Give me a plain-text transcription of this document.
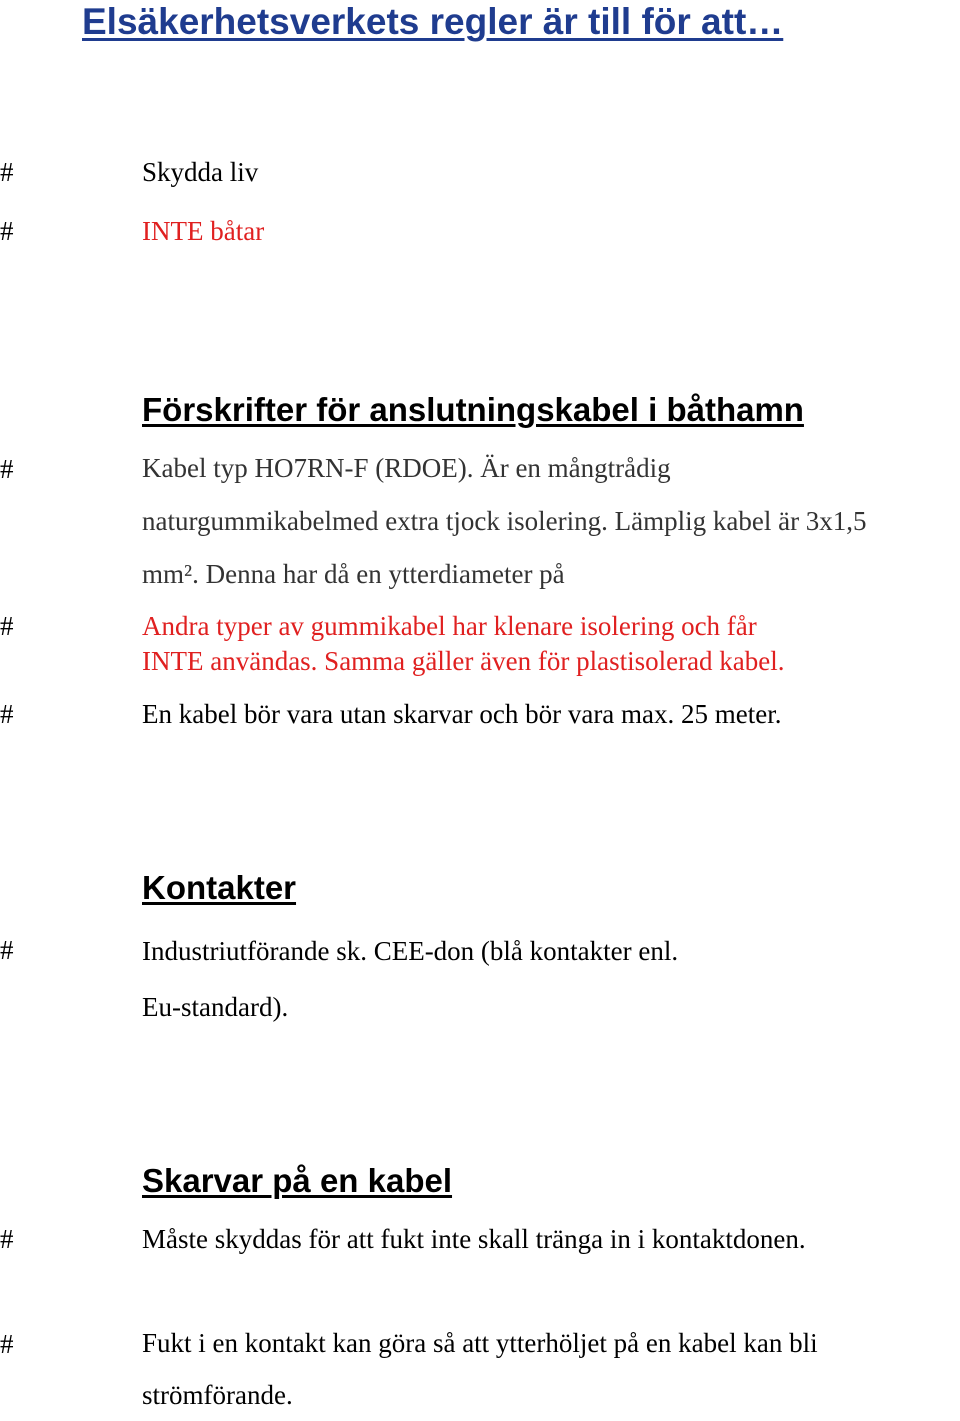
Elsäkerhetsverkets regler är till för att…
#	Skydda liv
#	INTE båtar
Förskrifter för anslutningskabel i båthamn
#	Kabel typ HO7RN-F (RDOE). Är en mångtrådig
naturgummikabelmed extra tjock isolering. Lämplig kabel är 3x1,5
mm². Denna har då en ytterdiameter på
#	Andra typer av gummikabel har klenare isolering och får
INTE användas. Samma gäller även för plastisolerad kabel.
#	En kabel bör vara utan skarvar och bör vara max. 25 meter.
Kontakter
#	Industriutförande sk. CEE-don (blå kontakter enl.
Eu-standard).
Skarvar på en kabel
#	Måste skyddas för att fukt inte skall tränga in i kontaktdonen.
#	Fukt i en kontakt kan göra så att ytterhöljet på en kabel kan bli
strömförande.
